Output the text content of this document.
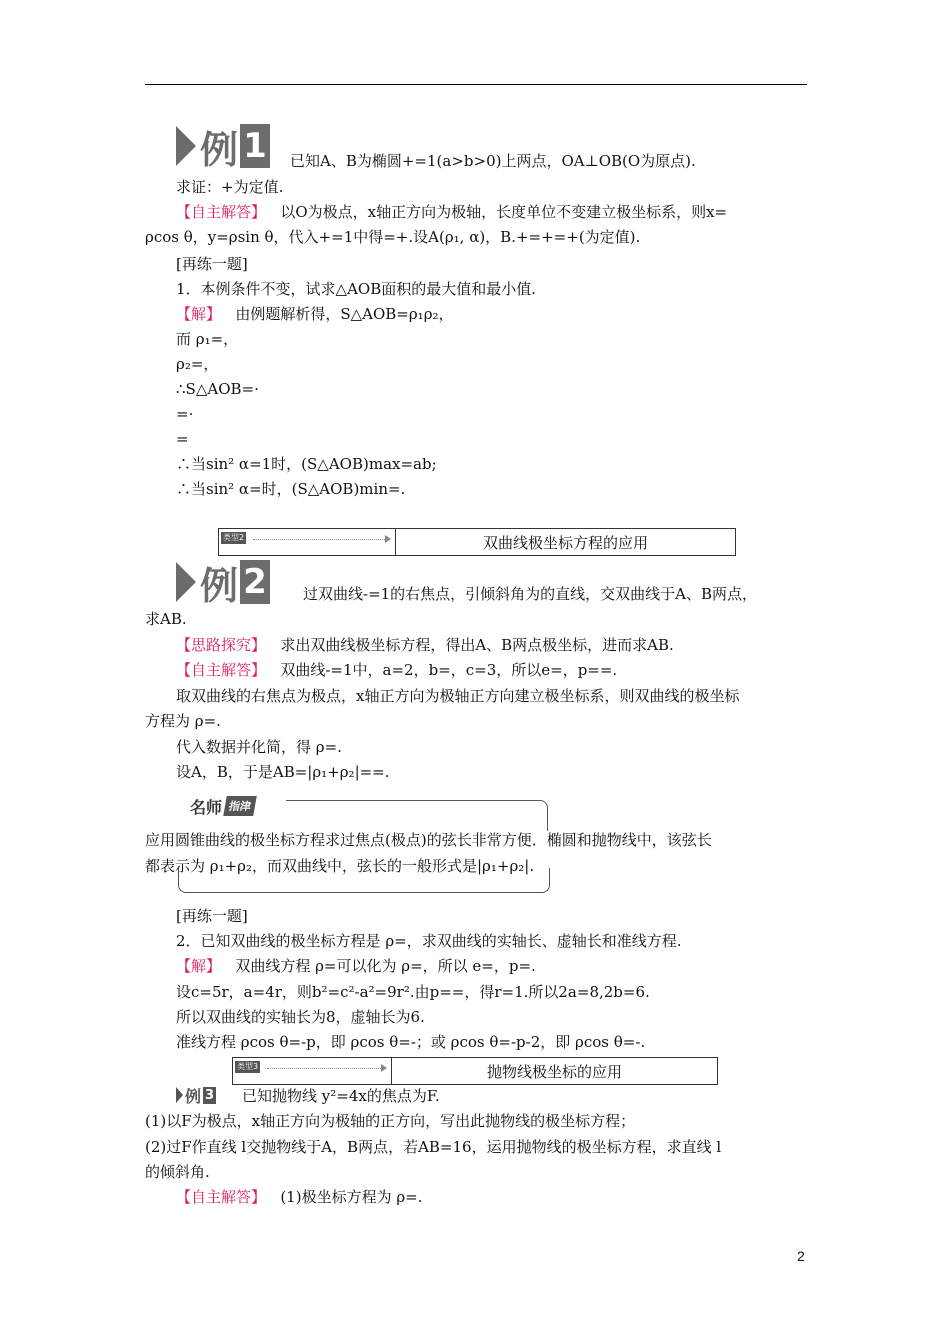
例 1 已知A、B为椭圆+=1(a>b>0)上两点，OA⊥OB(O为原点).
求证：+为定值.
【自主解答】 以O为极点，x轴正方向为极轴，长度单位不变建立极坐标系，则x=
ρcos θ，y=ρsin θ，代入+=1中得=+.设A(ρ₁, α)，B.+=+=+(为定值).
[再练一题]
1．本例条件不变，试求△AOB面积的最大值和最小值.
【解】 由例题解析得，S△AOB=ρ₁ρ₂，
而 ρ₁=，
ρ₂=，
∴S△AOB=·
=·
=
∴当sin² α=1时，(S△AOB)max=ab;
∴当sin² α=时，(S△AOB)min=.
类型2	双曲线极坐标方程的应用
例 2 过双曲线-=1的右焦点，引倾斜角为的直线，交双曲线于A、B两点，
求AB.
【思路探究】 求出双曲线极坐标方程，得出A、B两点极坐标，进而求AB.
【自主解答】 双曲线-=1中，a=2，b=，c=3，所以e=，p==.
取双曲线的右焦点为极点，x轴正方向为极轴正方向建立极坐标系，则双曲线的极坐标
方程为 ρ=.
代入数据并化简，得 ρ=.
设A，B，于是AB=|ρ₁+ρ₂|==.
名师 指津
应用圆锥曲线的极坐标方程求过焦点(极点)的弦长非常方便．椭圆和抛物线中，该弦长
都表示为 ρ₁+ρ₂，而双曲线中，弦长的一般形式是|ρ₁+ρ₂|.
[再练一题]
2．已知双曲线的极坐标方程是 ρ=，求双曲线的实轴长、虚轴长和准线方程.
【解】 双曲线方程 ρ=可以化为 ρ=，所以 e=，p=.
设c=5r，a=4r，则b²=c²-a²=9r².由p==，得r=1.所以2a=8,2b=6.
所以双曲线的实轴长为8，虚轴长为6.
准线方程 ρcos θ=-p，即 ρcos θ=-；或 ρcos θ=-p-2，即 ρcos θ=-.
类型3	抛物线极坐标的应用
例 3 已知抛物线 y²=4x的焦点为F.
(1)以F为极点，x轴正方向为极轴的正方向，写出此抛物线的极坐标方程；
(2)过F作直线 l交抛物线于A，B两点，若AB=16，运用抛物线的极坐标方程，求直线 l
的倾斜角.
【自主解答】 (1)极坐标方程为 ρ=.
2
